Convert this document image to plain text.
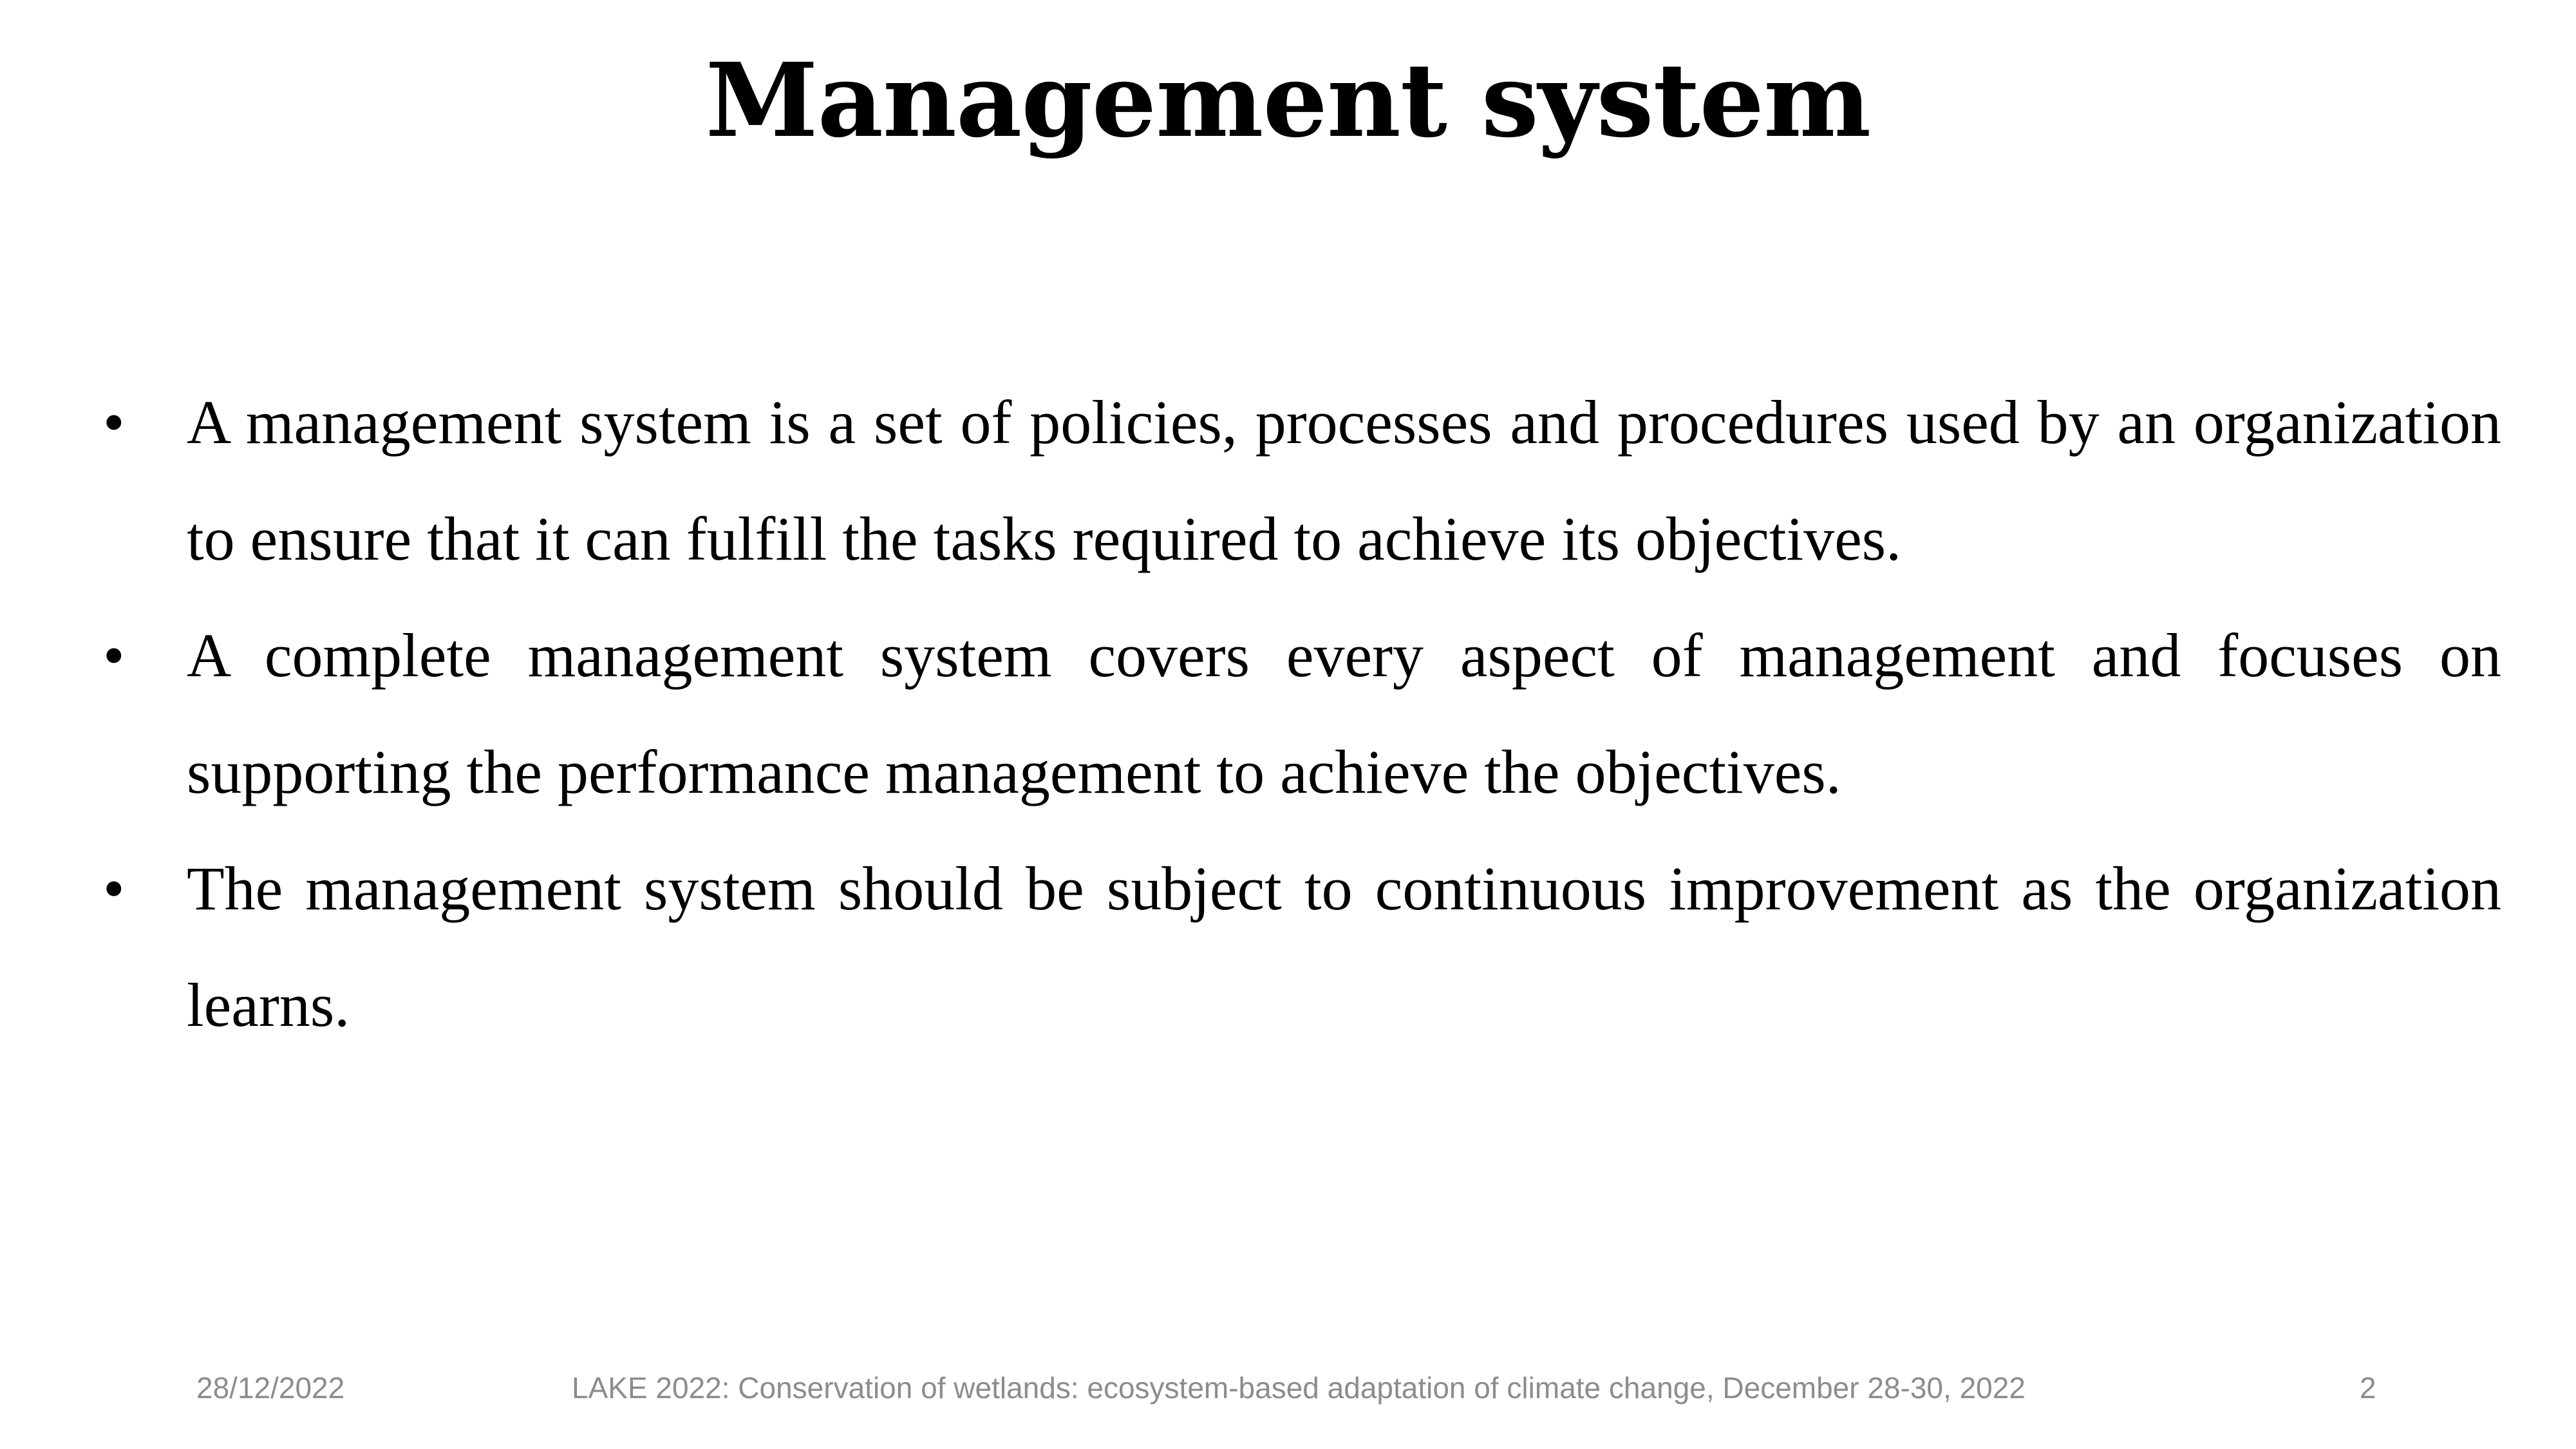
Management system
• A management system is a set of policies, processes and procedures used by an organization to ensure that it can fulfill the tasks required to achieve its objectives.
• A complete management system covers every aspect of management and focuses on supporting the performance management to achieve the objectives.
• The management system should be subject to continuous improvement as the organization learns.
28/12/2022	LAKE 2022: Conservation of wetlands: ecosystem-based adaptation of climate change, December 28-30, 2022	2
